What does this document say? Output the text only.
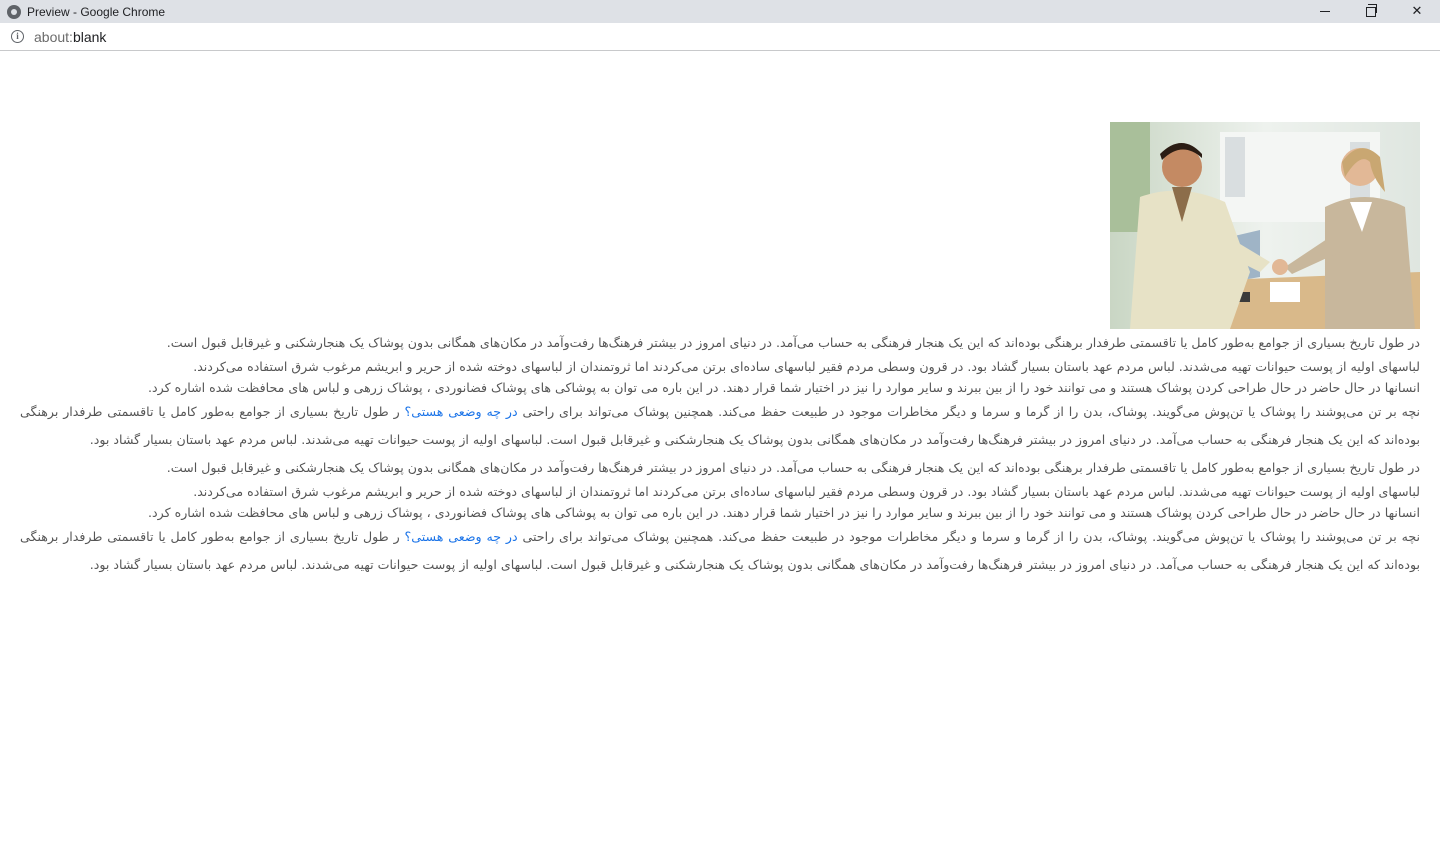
Preview - Google Chrome	✕
i	about:blank

در طول تاریخ بسیاری از جوامع به‌طور کامل یا تاقسمتی طرفدار برهنگی بوده‌اند که این یک هنجار فرهنگی به حساب می‌آمد. در دنیای امروز در بیشتر فرهنگ‌ها رفت‌وآمد در مکان‌های همگانی بدون پوشاک یک هنجارشکنی و غیرقابل قبول است.

لباسهای اولیه از پوست حیوانات تهیه می‌شدند. لباس مردم عهد باستان بسیار گشاد بود. در قرون وسطی مردم فقیر لباسهای ساده‌ای برتن می‌کردند اما ثروتمندان از لباسهای دوخته شده از حریر و ابریشم مرغوب شرق استفاده می‌کردند.

انسانها در حال حاضر در حال طراحی کردن پوشاک هستند و می توانند خود را از بین ببرند و سایر موارد را نیز در اختیار شما قرار دهند. در این باره می توان به پوشاکی های پوشاک فضانوردی ، پوشاک زرهی و لباس های محافظت شده اشاره کرد.

نچه بر تن می‌پوشند را پوشاک یا تن‌پوش می‌گویند. پوشاک، بدن را از گرما و سرما و دیگر مخاطرات موجود در طبیعت حفظ می‌کند. همچنین پوشاک می‌تواند برای راحتی در چه وضعی هستی؟ ر طول تاریخ بسیاری از جوامع به‌طور کامل یا تاقسمتی طرفدار برهنگی بوده‌اند که این یک هنجار فرهنگی به حساب می‌آمد. در دنیای امروز در بیشتر فرهنگ‌ها رفت‌وآمد در مکان‌های همگانی بدون پوشاک یک هنجارشکنی و غیرقابل قبول است. لباسهای اولیه از پوست حیوانات تهیه می‌شدند. لباس مردم عهد باستان بسیار گشاد بود.

در طول تاریخ بسیاری از جوامع به‌طور کامل یا تاقسمتی طرفدار برهنگی بوده‌اند که این یک هنجار فرهنگی به حساب می‌آمد. در دنیای امروز در بیشتر فرهنگ‌ها رفت‌وآمد در مکان‌های همگانی بدون پوشاک یک هنجارشکنی و غیرقابل قبول است.

لباسهای اولیه از پوست حیوانات تهیه می‌شدند. لباس مردم عهد باستان بسیار گشاد بود. در قرون وسطی مردم فقیر لباسهای ساده‌ای برتن می‌کردند اما ثروتمندان از لباسهای دوخته شده از حریر و ابریشم مرغوب شرق استفاده می‌کردند.

انسانها در حال حاضر در حال طراحی کردن پوشاک هستند و می توانند خود را از بین ببرند و سایر موارد را نیز در اختیار شما قرار دهند. در این باره می توان به پوشاکی های پوشاک فضانوردی ، پوشاک زرهی و لباس های محافظت شده اشاره کرد.

نچه بر تن می‌پوشند را پوشاک یا تن‌پوش می‌گویند. پوشاک، بدن را از گرما و سرما و دیگر مخاطرات موجود در طبیعت حفظ می‌کند. همچنین پوشاک می‌تواند برای راحتی در چه وضعی هستی؟ ر طول تاریخ بسیاری از جوامع به‌طور کامل یا تاقسمتی طرفدار برهنگی بوده‌اند که این یک هنجار فرهنگی به حساب می‌آمد. در دنیای امروز در بیشتر فرهنگ‌ها رفت‌وآمد در مکان‌های همگانی بدون پوشاک یک هنجارشکنی و غیرقابل قبول است. لباسهای اولیه از پوست حیوانات تهیه می‌شدند. لباس مردم عهد باستان بسیار گشاد بود.
